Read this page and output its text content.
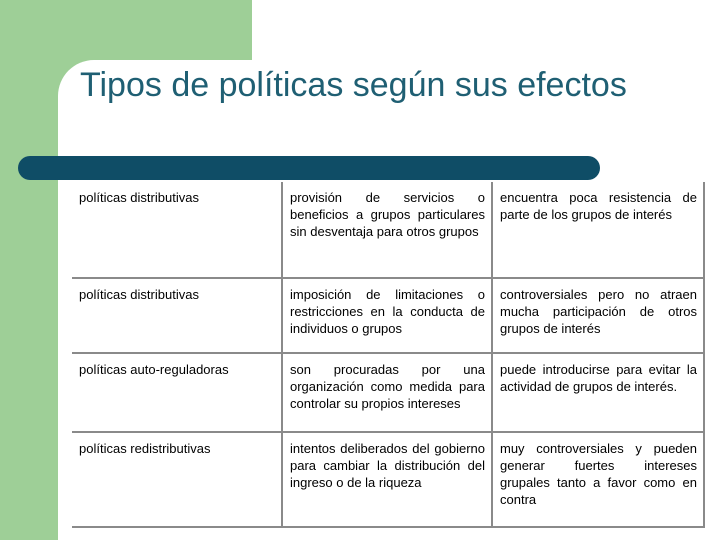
Tipos de políticas según sus efectos
políticas distributivas	provisión de servicios o beneficios a grupos particulares sin desventaja para otros grupos	encuentra poca resistencia de parte de los grupos de interés
políticas distributivas	imposición de limitaciones o restricciones en la conducta de individuos o grupos	controversiales pero no atraen mucha participación de otros grupos de interés
políticas auto-reguladoras	son procuradas por una organización como medida para controlar su propios intereses	puede introducirse para evitar la actividad de grupos de interés.
políticas redistributivas	intentos deliberados del gobierno para cambiar la distribución del ingreso o de la riqueza	muy controversiales y pueden generar fuertes intereses grupales tanto a favor como en contra
